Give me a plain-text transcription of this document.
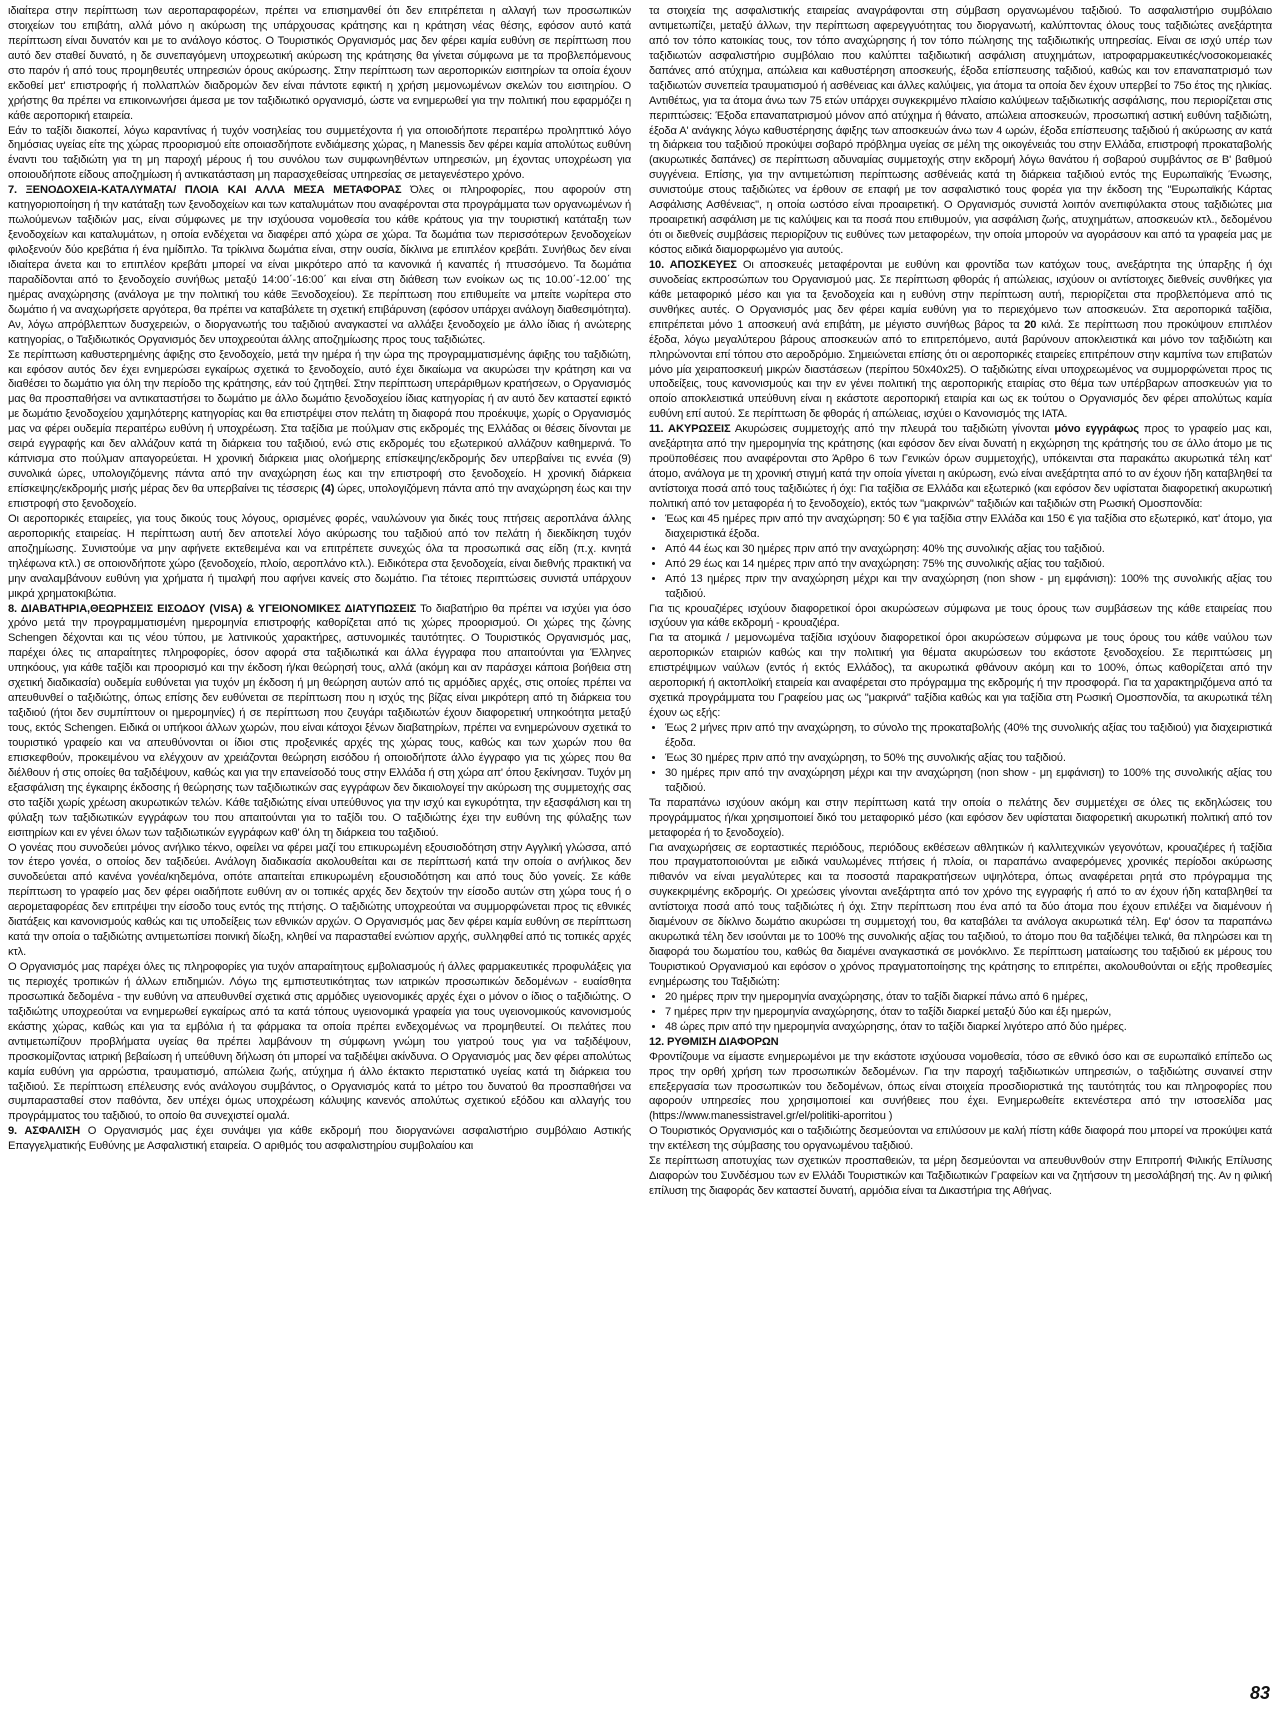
ιδιαίτερα στην περίπτωση των αεροπαραφορέων, πρέπει να επισημανθεί ότι δεν επιτρέπεται η αλλαγή των προσωπικών στοιχείων του επιβάτη, αλλά μόνο η ακύρωση της υπάρχουσας κράτησης και η κράτηση νέας θέσης, εφόσον αυτό κατά περίπτωση είναι δυνατόν και με το ανάλογο κόστος. Ο Τουριστικός Οργανισμός μας δεν φέρει καμία ευθύνη σε περίπτωση που αυτό δεν σταθεί δυνατό, η δε συνεπαγόμενη υποχρεωτική ακύρωση της κράτησης θα γίνεται σύμφωνα με τα προβλεπόμενους στο παρόν ή από τους προμηθευτές υπηρεσιών όρους ακύρωσης. Στην περίπτωση των αεροπορικών εισιτηρίων τα οποία έχουν εκδοθεί μετ' επιστροφής ή πολλαπλών διαδρομών δεν είναι πάντοτε εφικτή η χρήση μεμονωμένων σκελών του εισιτηρίου. Ο χρήστης θα πρέπει να επικοινωνήσει άμεσα με τον ταξιδιωτικό οργανισμό, ώστε να ενημερωθεί για την πολιτική που εφαρμόζει η κάθε αεροπορική εταιρεία.

Εάν το ταξίδι διακοπεί, λόγω καραντίνας ή τυχόν νοσηλείας του συμμετέχοντα ή για οποιοδήποτε περαιτέρω προληπτικό λόγο δημόσιας υγείας είτε της χώρας προορισμού είτε οποιασδήποτε ενδιάμεσης χώρας, η Manessis δεν φέρει καμία απολύτως ευθύνη έναντι του ταξιδιώτη για τη μη παροχή μέρους ή του συνόλου των συμφωνηθέντων υπηρεσιών, μη έχοντας υποχρέωση για οποιουδήποτε είδους αποζημίωση ή αντικατάσταση μη παρασχεθείσας υπηρεσίας σε μεταγενέστερο χρόνο.

7. ΞΕΝΟΔΟΧΕΙΑ-ΚΑΤΑΛΥΜΑΤΑ/ ΠΛΟΙΑ ΚΑΙ ΑΛΛΑ ΜΕΣΑ ΜΕΤΑΦΟΡΑΣ Όλες οι πληροφορίες, που αφορούν στη κατηγοριοποίηση ή την κατάταξη των ξενοδοχείων και των καταλυμάτων που αναφέρονται στα προγράμματα των οργανωμένων ή πωλούμενων ταξιδιών μας, είναι σύμφωνες με την ισχύουσα νομοθεσία του κάθε κράτους για την τουριστική κατάταξη των ξενοδοχείων και καταλυμάτων, η οποία ενδέχεται να διαφέρει από χώρα σε χώρα. Τα δωμάτια των περισσότερων ξενοδοχείων φιλοξενούν δύο κρεβάτια ή ένα ημίδιπλο. Τα τρίκλινα δωμάτια είναι, στην ουσία, δίκλινα με επιπλέον κρεβάτι. Συνήθως δεν είναι ιδιαίτερα άνετα και το επιπλέον κρεβάτι μπορεί να είναι μικρότερο από τα κανονικά ή καναπές ή πτυσσόμενο. Τα δωμάτια παραδίδονται από το ξενοδοχείο συνήθως μεταξύ 14:00΄-16:00΄ και είναι στη διάθεση των ενοίκων ως τις 10.00΄-12.00΄ της ημέρας αναχώρησης (ανάλογα με την πολιτική του κάθε Ξενοδοχείου). Σε περίπτωση που επιθυμείτε να μπείτε νωρίτερα στο δωμάτιο ή να αναχωρήσετε αργότερα, θα πρέπει να καταβάλετε τη σχετική επιβάρυνση (εφόσον υπάρχει ανάλογη διαθεσιμότητα). Αν, λόγω απρόβλεπτων δυσχερειών, ο διοργανωτής του ταξιδιού αναγκαστεί να αλλάξει ξενοδοχείο με άλλο ίδιας ή ανώτερης κατηγορίας, ο Ταξιδιωτικός Οργανισμός δεν υποχρεούται άλλης αποζημίωσης προς τους ταξιδιώτες.

Σε περίπτωση καθυστερημένης άφιξης στο ξενοδοχείο, μετά την ημέρα ή την ώρα της προγραμματισμένης άφιξης του ταξιδιώτη, και εφόσον αυτός δεν έχει ενημερώσει εγκαίρως σχετικά το ξενοδοχείο, αυτό έχει δικαίωμα να ακυρώσει την κράτηση και να διαθέσει το δωμάτιο για όλη την περίοδο της κράτησης, εάν τού ζητηθεί. Στην περίπτωση υπεράριθμων κρατήσεων, ο Οργανισμός μας θα προσπαθήσει να αντικαταστήσει το δωμάτιο με άλλο δωμάτιο ξενοδοχείου ίδιας κατηγορίας ή αν αυτό δεν καταστεί εφικτό με δωμάτιο ξενοδοχείου χαμηλότερης κατηγορίας και θα επιστρέψει στον πελάτη τη διαφορά που προέκυψε, χωρίς ο Οργανισμός μας να φέρει ουδεμία περαιτέρω ευθύνη ή υποχρέωση. Στα ταξίδια με πούλμαν στις εκδρομές της Ελλάδας οι θέσεις δίνονται με σειρά εγγραφής και δεν αλλάζουν κατά τη διάρκεια του ταξιδιού, ενώ στις εκδρομές του εξωτερικού αλλάζουν καθημερινά. Το κάπνισμα στο πούλμαν απαγορεύεται. Η χρονική διάρκεια μιας ολοήμερης επίσκεψης/εκδρομής δεν υπερβαίνει τις εννέα (9) συνολικά ώρες, υπολογιζόμενης πάντα από την αναχώρηση έως και την επιστροφή στο ξενοδοχείο. Η χρονική διάρκεια επίσκεψης/εκδρομής μισής μέρας δεν θα υπερβαίνει τις τέσσερις (4) ώρες, υπολογιζόμενη πάντα από την αναχώρηση έως και την επιστροφή στο ξενοδοχείο.

Οι αεροπορικές εταιρείες, για τους δικούς τους λόγους, ορισμένες φορές, ναυλώνουν για δικές τους πτήσεις αεροπλάνα άλλης αεροπορικής εταιρείας. Η περίπτωση αυτή δεν αποτελεί λόγο ακύρωσης του ταξιδιού από τον πελάτη ή διεκδίκηση τυχόν αποζημίωσης. Συνιστούμε να μην αφήνετε εκτεθειμένα και να επιτρέπετε συνεχώς όλα τα προσωπικά σας είδη (π.χ. κινητά τηλέφωνα κτλ.) σε οποιονδήποτε χώρο (ξενοδοχείο, πλοίο, αεροπλάνο κτλ.). Ειδικότερα στα ξενοδοχεία, είναι διεθνής πρακτική να μην αναλαμβάνουν ευθύνη για χρήματα ή τιμαλφή που αφήνει κανείς στο δωμάτιο. Για τέτοιες περιπτώσεις συνιστά υπάρχουν μικρά χρηματοκιβώτια.

8. ΔΙΑΒΑΤΗΡΙΑ,ΘΕΩΡΗΣΕΙΣ ΕΙΣΟΔΟΥ (VISA) & ΥΓΕΙΟΝΟΜΙΚΕΣ ΔΙΑΤΥΠΩΣΕΙΣ Το διαβατήριο θα πρέπει να ισχύει για όσο χρόνο μετά την προγραμματισμένη ημερομηνία επιστροφής καθορίζεται από τις χώρες προορισμού. Οι χώρες της ζώνης Schengen δέχονται και τις νέου τύπου, με λατινικούς χαρακτήρες, αστυνομικές ταυτότητες. Ο Τουριστικός Οργανισμός μας, παρέχει όλες τις απαραίτητες πληροφορίες, όσον αφορά στα ταξιδιωτικά και άλλα έγγραφα που απαιτούνται για Έλληνες υπηκόους, για κάθε ταξίδι και προορισμό και την έκδοση ή/και θεώρησή τους, αλλά (ακόμη και αν παράσχει κάποια βοήθεια στη σχετική διαδικασία) ουδεμία ευθύνεται για τυχόν μη έκδοση ή μη θεώρηση αυτών από τις αρμόδιες αρχές, στις οποίες πρέπει να απευθυνθεί ο ταξιδιώτης, όπως επίσης δεν ευθύνεται σε περίπτωση που η ισχύς της βίζας είναι μικρότερη από τη διάρκεια του ταξιδιού (ήτοι δεν συμπίπτουν οι ημερομηνίες) ή σε περίπτωση που ζευγάρι ταξιδιωτών έχουν διαφορετική υπηκοότητα μεταξύ τους, εκτός Schengen. Ειδικά οι υπήκοοι άλλων χωρών, που είναι κάτοχοι ξένων διαβατηρίων, πρέπει να ενημερώνουν σχετικά το τουριστικό γραφείο και να απευθύνονται οι ίδιοι στις προξενικές αρχές της χώρας τους, καθώς και των χωρών που θα επισκεφθούν, προκειμένου να ελέγχουν αν χρειάζονται θεώρηση εισόδου ή οποιοδήποτε άλλο έγγραφο για τις χώρες που θα διέλθουν ή στις οποίες θα ταξιδέψουν, καθώς και για την επανείσοδό τους στην Ελλάδα ή στη χώρα απ' όπου ξεκίνησαν. Τυχόν μη εξασφάλιση της έγκαιρης έκδοσης ή θεώρησης των ταξιδιωτικών σας εγγράφων δεν δικαιολογεί την ακύρωση της συμμετοχής σας στο ταξίδι χωρίς χρέωση ακυρωτικών τελών. Κάθε ταξιδιώτης είναι υπεύθυνος για την ισχύ και εγκυρότητα, την εξασφάλιση και τη φύλαξη των ταξιδιωτικών εγγράφων του που απαιτούνται για το ταξίδι του. Ο ταξιδιώτης έχει την ευθύνη της φύλαξης των εισιτηρίων και εν γένει όλων των ταξιδιωτικών εγγράφων καθ' όλη τη διάρκεια του ταξιδιού.

Ο γονέας που συνοδεύει μόνος ανήλικο τέκνο, οφείλει να φέρει μαζί του επικυρωμένη εξουσιοδότηση στην Αγγλική γλώσσα, από τον έτερο γονέα, ο οποίος δεν ταξιδεύει. Ανάλογη διαδικασία ακολουθείται και σε περίπτωσή κατά την οποία ο ανήλικος δεν συνοδεύεται από κανένα γονέα/κηδεμόνα, οπότε απαιτείται επικυρωμένη εξουσιοδότηση και από τους δύο γονείς. Σε κάθε περίπτωση το γραφείο μας δεν φέρει οιαδήποτε ευθύνη αν οι τοπικές αρχές δεν δεχτούν την είσοδο αυτών στη χώρα τους ή ο αερομεταφορέας δεν επιτρέψει την είσοδο τους εντός της πτήσης. Ο ταξιδιώτης υποχρεούται να συμμορφώνεται προς τις εθνικές διατάξεις και κανονισμούς καθώς και τις υποδείξεις των εθνικών αρχών. Ο Οργανισμός μας δεν φέρει καμία ευθύνη σε περίπτωση κατά την οποία ο ταξιδιώτης αντιμετωπίσει ποινική δίωξη, κληθεί να παρασταθεί ενώπιον αρχής, συλληφθεί από τις τοπικές αρχές κτλ.

Ο Οργανισμός μας παρέχει όλες τις πληροφορίες για τυχόν απαραίτητους εμβολιασμούς ή άλλες φαρμακευτικές προφυλάξεις για τις περιοχές τροπικών ή άλλων επιδημιών. Λόγω της εμπιστευτικότητας των ιατρικών προσωπικών δεδομένων - ευαίσθητα προσωπικά δεδομένα - την ευθύνη να απευθυνθεί σχετικά στις αρμόδιες υγειονομικές αρχές έχει ο μόνον ο ίδιος ο ταξιδιώτης. Ο ταξιδιώτης υποχρεούται να ενημερωθεί εγκαίρως από τα κατά τόπους υγειονομικά γραφεία για τους υγειονομικούς κανονισμούς εκάστης χώρας, καθώς και για τα εμβόλια ή τα φάρμακα τα οποία πρέπει ενδεχομένως να προμηθευτεί. Οι πελάτες που αντιμετωπίζουν προβλήματα υγείας θα πρέπει λαμβάνουν τη σύμφωνη γνώμη του γιατρού τους για να ταξιδέψουν, προσκομίζοντας ιατρική βεβαίωση ή υπεύθυνη δήλωση ότι μπορεί να ταξιδέψει ακίνδυνα. Ο Οργανισμός μας δεν φέρει απολύτως καμία ευθύνη για αρρώστια, τραυματισμό, απώλεια ζωής, ατύχημα ή άλλο έκτακτο περιστατικό υγείας κατά τη διάρκεια του ταξιδιού. Σε περίπτωση επέλευσης ενός ανάλογου συμβάντος, ο Οργανισμός κατά το μέτρο του δυνατού θα προσπαθήσει να συμπαρασταθεί στον παθόντα, δεν υπέχει όμως υποχρέωση κάλυψης κανενός απολύτως σχετικού εξόδου και αλλαγής του προγράμματος του ταξιδιού, το οποίο θα συνεχιστεί ομαλά.

9. ΑΣΦΑΛΙΣΗ Ο Οργανισμός μας έχει συνάψει για κάθε εκδρομή που διοργανώνει ασφαλιστήριο συμβόλαιο Αστικής Επαγγελματικής Ευθύνης με Ασφαλιστική εταιρεία. Ο αριθμός του ασφαλιστηρίου συμβολαίου και

τα στοιχεία της ασφαλιστικής εταιρείας αναγράφονται στη σύμβαση οργανωμένου ταξιδιού. Το ασφαλιστήριο συμβόλαιο αντιμετωπίζει, μεταξύ άλλων, την περίπτωση αφερεγγυότητας του διοργανωτή, καλύπτοντας όλους τους ταξιδιώτες ανεξάρτητα από τον τόπο κατοικίας τους, τον τόπο αναχώρησης ή τον τόπο πώλησης της ταξιδιωτικής υπηρεσίας. Είναι σε ισχύ υπέρ των ταξιδιωτών ασφαλιστήριο συμβόλαιο που καλύπτει ταξιδιωτική ασφάλιση ατυχημάτων, ιατροφαρμακευτικές/νοσοκομειακές δαπάνες από ατύχημα, απώλεια και καθυστέρηση αποσκευής, έξοδα επίσπευσης ταξιδιού, καθώς και τον επαναπατρισμό των ταξιδιωτών συνεπεία τραυματισμού ή ασθένειας και άλλες καλύψεις, για άτομα τα οποία δεν έχουν υπερβεί το 75ο έτος της ηλικίας. Αντιθέτως, για τα άτομα άνω των 75 ετών υπάρχει συγκεκριμένο πλαίσιο καλύψεων ταξιδιωτικής ασφάλισης, που περιορίζεται στις περιπτώσεις: Έξοδα επαναπατρισμού μόνον από ατύχημα ή θάνατο, απώλεια αποσκευών, προσωπική αστική ευθύνη ταξιδιώτη, έξοδα Α' ανάγκης λόγω καθυστέρησης άφιξης των αποσκευών άνω των 4 ωρών, έξοδα επίσπευσης ταξιδιού ή ακύρωσης αν κατά τη διάρκεια του ταξιδιού προκύψει σοβαρό πρόβλημα υγείας σε μέλη της οικογένειάς του στην Ελλάδα, επιστροφή προκαταβολής (ακυρωτικές δαπάνες) σε περίπτωση αδυναμίας συμμετοχής στην εκδρομή λόγω θανάτου ή σοβαρού συμβάντος σε Β' βαθμού συγγένεια. Επίσης, για την αντιμετώπιση περίπτωσης ασθένειάς κατά τη διάρκεια ταξιδιού εντός της Ευρωπαϊκής Ένωσης, συνιστούμε στους ταξιδιώτες να έρθουν σε επαφή με τον ασφαλιστικό τους φορέα για την έκδοση της "Ευρωπαϊκής Κάρτας Ασφάλισης Ασθένειας", η οποία ωστόσο είναι προαιρετική. Ο Οργανισμός συνιστά λοιπόν ανεπιφύλακτα στους ταξιδιώτες μια προαιρετική ασφάλιση με τις καλύψεις και τα ποσά που επιθυμούν, για ασφάλιση ζωής, ατυχημάτων, αποσκευών κτλ., δεδομένου ότι οι διεθνείς συμβάσεις περιορίζουν τις ευθύνες των μεταφορέων, την οποία μπορούν να αγοράσουν και από τα γραφεία μας με κόστος ειδικά διαμορφωμένο για αυτούς.

10. ΑΠΟΣΚΕΥΕΣ Οι αποσκευές μεταφέρονται με ευθύνη και φροντίδα των κατόχων τους, ανεξάρτητα της ύπαρξης ή όχι συνοδείας εκπροσώπων του Οργανισμού μας. Σε περίπτωση φθοράς ή απώλειας, ισχύουν οι αντίστοιχες διεθνείς συνθήκες για κάθε μεταφορικό μέσο και για τα ξενοδοχεία και η ευθύνη στην περίπτωση αυτή, περιορίζεται στα προβλεπόμενα από τις συνθήκες αυτές. Ο Οργανισμός μας δεν φέρει καμία ευθύνη για το περιεχόμενο των αποσκευών. Στα αεροπορικά ταξίδια, επιτρέπεται μόνο 1 αποσκευή ανά επιβάτη, με μέγιστο συνήθως βάρος τα 20 κιλά. Σε περίπτωση που προκύψουν επιπλέον έξοδα, λόγω μεγαλύτερου βάρους αποσκευών από το επιτρεπόμενο, αυτά βαρύνουν αποκλειστικά και μόνο τον ταξιδιώτη και πληρώνονται επί τόπου στο αεροδρόμιο. Σημειώνεται επίσης ότι οι αεροπορικές εταιρείες επιτρέπουν στην καμπίνα των επιβατών μόνο μία χειραποσκευή μικρών διαστάσεων (περίπου 50x40x25). Ο ταξιδιώτης είναι υποχρεωμένος να συμμορφώνεται προς τις υποδείξεις, τους κανονισμούς και την εν γένει πολιτική της αεροπορικής εταιρίας στο θέμα των υπέρβαρων αποσκευών για το οποίο αποκλειστικά υπεύθυνη είναι η εκάστοτε αεροπορική εταιρία και ως εκ τούτου ο Οργανισμός δεν φέρει απολύτως καμία ευθύνη επί αυτού. Σε περίπτωση δε φθοράς ή απώλειας, ισχύει ο Κανονισμός της IATA.

11. ΑΚΥΡΩΣΕΙΣ Ακυρώσεις συμμετοχής από την πλευρά του ταξιδιώτη γίνονται μόνο εγγράφως προς το γραφείο μας και, ανεξάρτητα από την ημερομηνία της κράτησης (και εφόσον δεν είναι δυνατή η εκχώρηση της κράτησής του σε άλλο άτομο με τις προϋποθέσεις που αναφέρονται στο Άρθρο 6 των Γενικών όρων συμμετοχής), υπόκεινται στα παρακάτω ακυρωτικά τέλη κατ' άτομο, ανάλογα με τη χρονική στιγμή κατά την οποία γίνεται η ακύρωση, ενώ είναι ανεξάρτητα από το αν έχουν ήδη καταβληθεί τα αντίστοιχα ποσά από τους ταξιδιώτες ή όχι: Για ταξίδια σε Ελλάδα και εξωτερικό (και εφόσον δεν υφίσταται διαφορετική ακυρωτική πολιτική από τον μεταφορέα ή το ξενοδοχείο), εκτός των "μακρινών" ταξιδιών και ταξιδιών στη Ρωσική Ομοσπονδία:

• Έως και 45 ημέρες πριν από την αναχώρηση: 50 € για ταξίδια στην Ελλάδα και 150 € για ταξίδια στο εξωτερικό, κατ' άτομο, για διαχειριστικά έξοδα.
• Από 44 έως και 30 ημέρες πριν από την αναχώρηση: 40% της συνολικής αξίας του ταξιδιού.
• Από 29 έως και 14 ημέρες πριν από την αναχώρηση: 75% της συνολικής αξίας του ταξιδιού.
• Από 13 ημέρες πριν την αναχώρηση μέχρι και την αναχώρηση (non show - μη εμφάνιση): 100% της συνολικής αξίας του ταξιδιού.

Για τις κρουαζιέρες ισχύουν διαφορετικοί όροι ακυρώσεων σύμφωνα με τους όρους των συμβάσεων της κάθε εταιρείας που ισχύουν για κάθε εκδρομή - κρουαζιέρα.

Για τα ατομικά / μεμονωμένα ταξίδια ισχύουν διαφορετικοί όροι ακυρώσεων σύμφωνα με τους όρους του κάθε ναύλου των αεροπορικών εταιριών καθώς και την πολιτική για θέματα ακυρώσεων του εκάστοτε ξενοδοχείου. Σε περιπτώσεις μη επιστρέψιμων ναύλων (εντός ή εκτός Ελλάδος), τα ακυρωτικά φθάνουν ακόμη και το 100%, όπως καθορίζεται από την αεροπορική ή ακτοπλοϊκή εταιρεία και αναφέρεται στο πρόγραμμα της εκδρομής ή την προσφορά. Για τα χαρακτηριζόμενα από τα σχετικά προγράμματα του Γραφείου μας ως "μακρινά" ταξίδια καθώς και για ταξίδια στη Ρωσική Ομοσπονδία, τα ακυρωτικά τέλη έχουν ως εξής:

• Έως 2 μήνες πριν από την αναχώρηση, το σύνολο της προκαταβολής (40% της συνολικής αξίας του ταξιδιού) για διαχειριστικά έξοδα.
• Έως 30 ημέρες πριν από την αναχώρηση, το 50% της συνολικής αξίας του ταξιδιού.
• 30 ημέρες πριν από την αναχώρηση μέχρι και την αναχώρηση (non show - μη εμφάνιση) το 100% της συνολικής αξίας του ταξιδιού.

Τα παραπάνω ισχύουν ακόμη και στην περίπτωση κατά την οποία ο πελάτης δεν συμμετέχει σε όλες τις εκδηλώσεις του προγράμματος ή/και χρησιμοποιεί δικό του μεταφορικό μέσο (και εφόσον δεν υφίσταται διαφορετική ακυρωτική πολιτική από τον μεταφορέα ή το ξενοδοχείο).

Για αναχωρήσεις σε εορταστικές περιόδους, περιόδους εκθέσεων αθλητικών ή καλλιτεχνικών γεγονότων, κρουαζιέρες ή ταξίδια που πραγματοποιούνται με ειδικά ναυλωμένες πτήσεις ή πλοία, οι παραπάνω αναφερόμενες χρονικές περίοδοι ακύρωσης πιθανόν να είναι μεγαλύτερες και τα ποσοστά παρακρατήσεων υψηλότερα, όπως αναφέρεται ρητά στο πρόγραμμα της συγκεκριμένης εκδρομής. Οι χρεώσεις γίνονται ανεξάρτητα από τον χρόνο της εγγραφής ή από το αν έχουν ήδη καταβληθεί τα αντίστοιχα ποσά από τους ταξιδιώτες ή όχι. Στην περίπτωση που ένα από τα δύο άτομα που έχουν επιλέξει να διαμένουν ή διαμένουν σε δίκλινο δωμάτιο ακυρώσει τη συμμετοχή του, θα καταβάλει τα ανάλογα ακυρωτικά τέλη. Εφ' όσον τα παραπάνω ακυρωτικά τέλη δεν ισούνται με το 100% της συνολικής αξίας του ταξιδιού, το άτομο που θα ταξιδέψει τελικά, θα πληρώσει και τη διαφορά του δωματίου του, καθώς θα διαμένει αναγκαστικά σε μονόκλινο. Σε περίπτωση ματαίωσης του ταξιδιού εκ μέρους του Τουριστικού Οργανισμού και εφόσον ο χρόνος πραγματοποίησης της κράτησης το επιτρέπει, ακολουθούνται οι εξής προθεσμίες ενημέρωσης του Ταξιδιώτη:

• 20 ημέρες πριν την ημερομηνία αναχώρησης, όταν το ταξίδι διαρκεί πάνω από 6 ημέρες,
• 7 ημέρες πριν την ημερομηνία αναχώρησης, όταν το ταξίδι διαρκεί μεταξύ δύο και έξι ημερών,
• 48 ώρες πριν από την ημερομηνία αναχώρησης, όταν το ταξίδι διαρκεί λιγότερο από δύο ημέρες.

12. ΡΥΘΜΙΣΗ ΔΙΑΦΟΡΩΝ

Φροντίζουμε να είμαστε ενημερωμένοι με την εκάστοτε ισχύουσα νομοθεσία, τόσο σε εθνικό όσο και σε ευρωπαϊκό επίπεδο ως προς την ορθή χρήση των προσωπικών δεδομένων. Για την παροχή ταξιδιωτικών υπηρεσιών, ο ταξιδιώτης συναινεί στην επεξεργασία των προσωπικών του δεδομένων, όπως είναι στοιχεία προσδιοριστικά της ταυτότητάς του και πληροφορίες που αφορούν υπηρεσίες που χρησιμοποιεί και συνήθειες που έχει. Ενημερωθείτε εκτενέστερα από την ιστοσελίδα μας (https://www.manessistravel.gr/el/politiki-aporritou )

Ο Τουριστικός Οργανισμός και ο ταξιδιώτης δεσμεύονται να επιλύσουν με καλή πίστη κάθε διαφορά που μπορεί να προκύψει κατά την εκτέλεση της σύμβασης του οργανωμένου ταξιδιού.

Σε περίπτωση αποτυχίας των σχετικών προσπαθειών, τα μέρη δεσμεύονται να απευθυνθούν στην Επιτροπή Φιλικής Επίλυσης Διαφορών του Συνδέσμου των εν Ελλάδι Τουριστικών και Ταξιδιωτικών Γραφείων και να ζητήσουν τη μεσολάβησή της. Αν η φιλική επίλυση της διαφοράς δεν καταστεί δυνατή, αρμόδια είναι τα Δικαστήρια της Αθήνας.

83
